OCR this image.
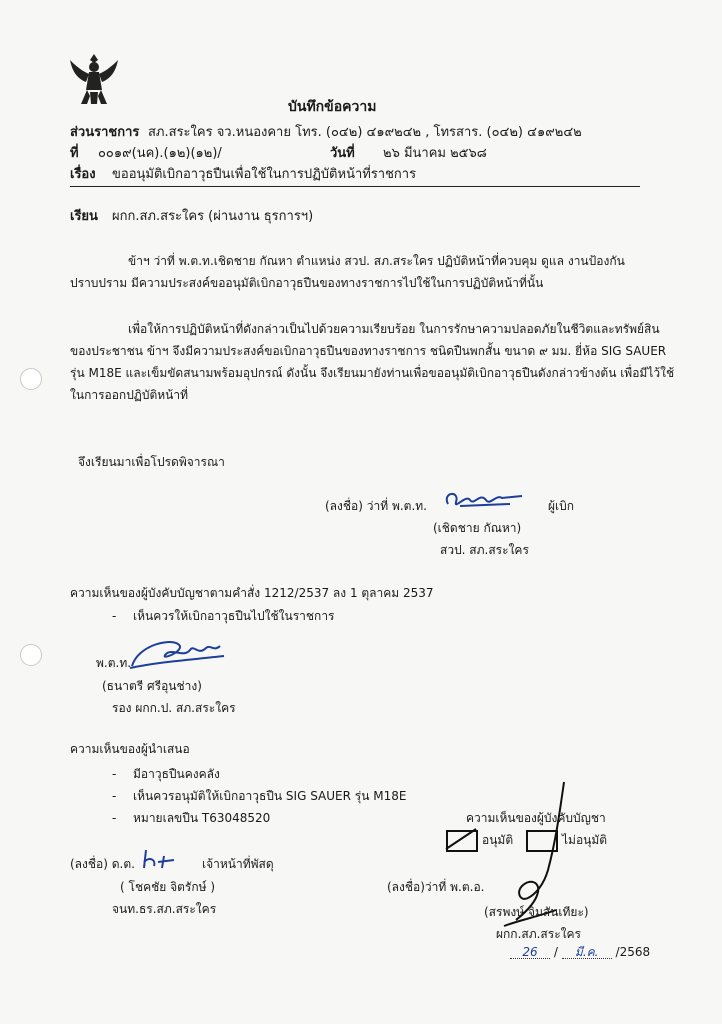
บันทึกข้อความ
ส่วนราชการ สภ.สระใคร จว.หนองคาย โทร. (๐๔๒) ๔๑๙๒๔๒ , โทรสาร. (๐๔๒) ๔๑๙๒๔๒
ที่ ๐๐๑๙(นค).(๑๒)(๑๒)/	วันที่ ๒๖ มีนาคม ๒๕๖๘
เรื่อง ขออนุมัติเบิกอาวุธปืนเพื่อใช้ในการปฏิบัติหน้าที่ราชการ
เรียน ผกก.สภ.สระใคร (ผ่านงาน ธุรการฯ)
ข้าฯ ว่าที่ พ.ต.ท.เชิดชาย กัณหา ตำแหน่ง สวป. สภ.สระใคร ปฏิบัติหน้าที่ควบคุม ดูแล งานป้องกัน
ปราบปราม มีความประสงค์ขออนุมัติเบิกอาวุธปืนของทางราชการไปใช้ในการปฏิบัติหน้าที่นั้น
เพื่อให้การปฏิบัติหน้าที่ดังกล่าวเป็นไปด้วยความเรียบร้อย ในการรักษาความปลอดภัยในชีวิตและทรัพย์สิน
ของประชาชน ข้าฯ จึงมีความประสงค์ขอเบิกอาวุธปืนของทางราชการ ชนิดปืนพกสั้น ขนาด ๙ มม. ยี่ห้อ SIG SAUER
รุ่น M18E และเข็มขัดสนามพร้อมอุปกรณ์ ดังนั้น จึงเรียนมายังท่านเพื่อขออนุมัติเบิกอาวุธปืนดังกล่าวข้างต้น เพื่อมีไว้ใช้
ในการออกปฏิบัติหน้าที่
จึงเรียนมาเพื่อโปรดพิจารณา
(ลงชื่อ) ว่าที่ พ.ต.ท.	ผู้เบิก
(เชิดชาย กัณหา)
สวป. สภ.สระใคร
ความเห็นของผู้บังคับบัญชาตามคำสั่ง 1212/2537 ลง 1 ตุลาคม 2537
- เห็นควรให้เบิกอาวุธปืนไปใช้ในราชการ
พ.ต.ท.
(ธนาตรี ศรีอุนช่าง)
รอง ผกก.ป. สภ.สระใคร
ความเห็นของผู้นำเสนอ
- มีอาวุธปืนคงคลัง
- เห็นควรอนุมัติให้เบิกอาวุธปืน SIG SAUER รุ่น M18E
- หมายเลขปืน T63048520
(ลงชื่อ) ด.ต.	เจ้าหน้าที่พัสดุ
( โชคชัย จิตรักษ์ )
จนท.ธร.สภ.สระใคร
ความเห็นของผู้บังคับบัญชา
อนุมัติ	ไม่อนุมัติ
(ลงชื่อ)ว่าที่ พ.ต.อ.
(สรพงษ์ จิมสันเทียะ)
ผกก.สภ.สระใคร
26 / มี.ค. /2568
